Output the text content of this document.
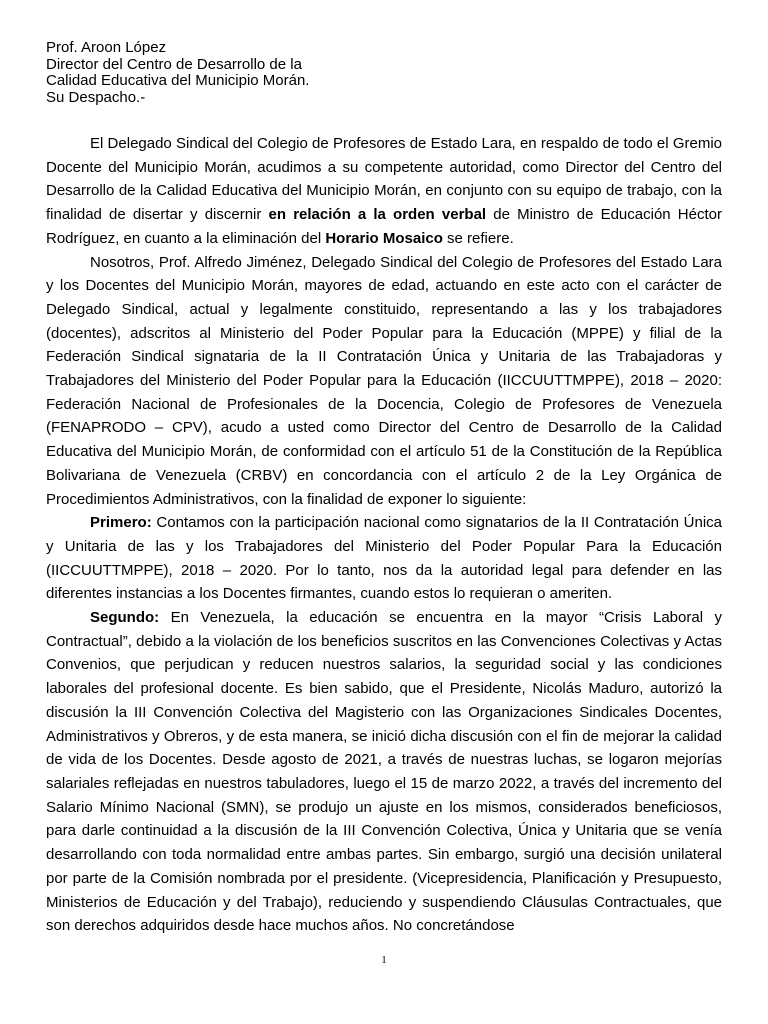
Prof. Aroon López
Director del Centro de Desarrollo de la
Calidad Educativa del Municipio Morán.
Su Despacho.-

El Delegado Sindical del Colegio de Profesores de Estado Lara, en respaldo de todo el Gremio Docente del Municipio Morán, acudimos a su competente autoridad, como Director del Centro del Desarrollo de la Calidad Educativa del Municipio Morán, en conjunto con su equipo de trabajo, con la finalidad de disertar y discernir en relación a la orden verbal de Ministro de Educación Héctor Rodríguez, en cuanto a la eliminación del Horario Mosaico se refiere.

Nosotros, Prof. Alfredo Jiménez, Delegado Sindical del Colegio de Profesores del Estado Lara y los Docentes del Municipio Morán, mayores de edad, actuando en este acto con el carácter de Delegado Sindical, actual y legalmente constituido, representando a las y los trabajadores (docentes), adscritos al Ministerio del Poder Popular para la Educación (MPPE) y filial de la Federación Sindical signataria de la II Contratación Única y Unitaria de las Trabajadoras y Trabajadores del Ministerio del Poder Popular para la Educación (IICCUUTTMPPE), 2018 – 2020: Federación Nacional de Profesionales de la Docencia, Colegio de Profesores de Venezuela (FENAPRODO – CPV), acudo a usted como Director del Centro de Desarrollo de la Calidad Educativa del Municipio Morán, de conformidad con el artículo 51 de la Constitución de la República Bolivariana de Venezuela (CRBV) en concordancia con el artículo 2 de la Ley Orgánica de Procedimientos Administrativos, con la finalidad de exponer lo siguiente:

Primero: Contamos con la participación nacional como signatarios de la II Contratación Única y Unitaria de las y los Trabajadores del Ministerio del Poder Popular Para la Educación (IICCUUTTMPPE), 2018 – 2020. Por lo tanto, nos da la autoridad legal para defender en las diferentes instancias a los Docentes firmantes, cuando estos lo requieran o ameriten.

Segundo: En Venezuela, la educación se encuentra en la mayor “Crisis Laboral y Contractual”, debido a la violación de los beneficios suscritos en las Convenciones Colectivas y Actas Convenios, que perjudican y reducen nuestros salarios, la seguridad social y las condiciones laborales del profesional docente. Es bien sabido, que el Presidente, Nicolás Maduro, autorizó la discusión la III Convención Colectiva del Magisterio con las Organizaciones Sindicales Docentes, Administrativos y Obreros, y de esta manera, se inició dicha discusión con el fin de mejorar la calidad de vida de los Docentes. Desde agosto de 2021, a través de nuestras luchas, se logaron mejorías salariales reflejadas en nuestros tabuladores, luego el 15 de marzo 2022, a través del incremento del Salario Mínimo Nacional (SMN), se produjo un ajuste en los mismos, considerados beneficiosos, para darle continuidad a la discusión de la III Convención Colectiva, Única y Unitaria que se venía desarrollando con toda normalidad entre ambas partes. Sin embargo, surgió una decisión unilateral por parte de la Comisión nombrada por el presidente. (Vicepresidencia, Planificación y Presupuesto, Ministerios de Educación y del Trabajo), reduciendo y suspendiendo Cláusulas Contractuales, que son derechos adquiridos desde hace muchos años. No concretándose

1
